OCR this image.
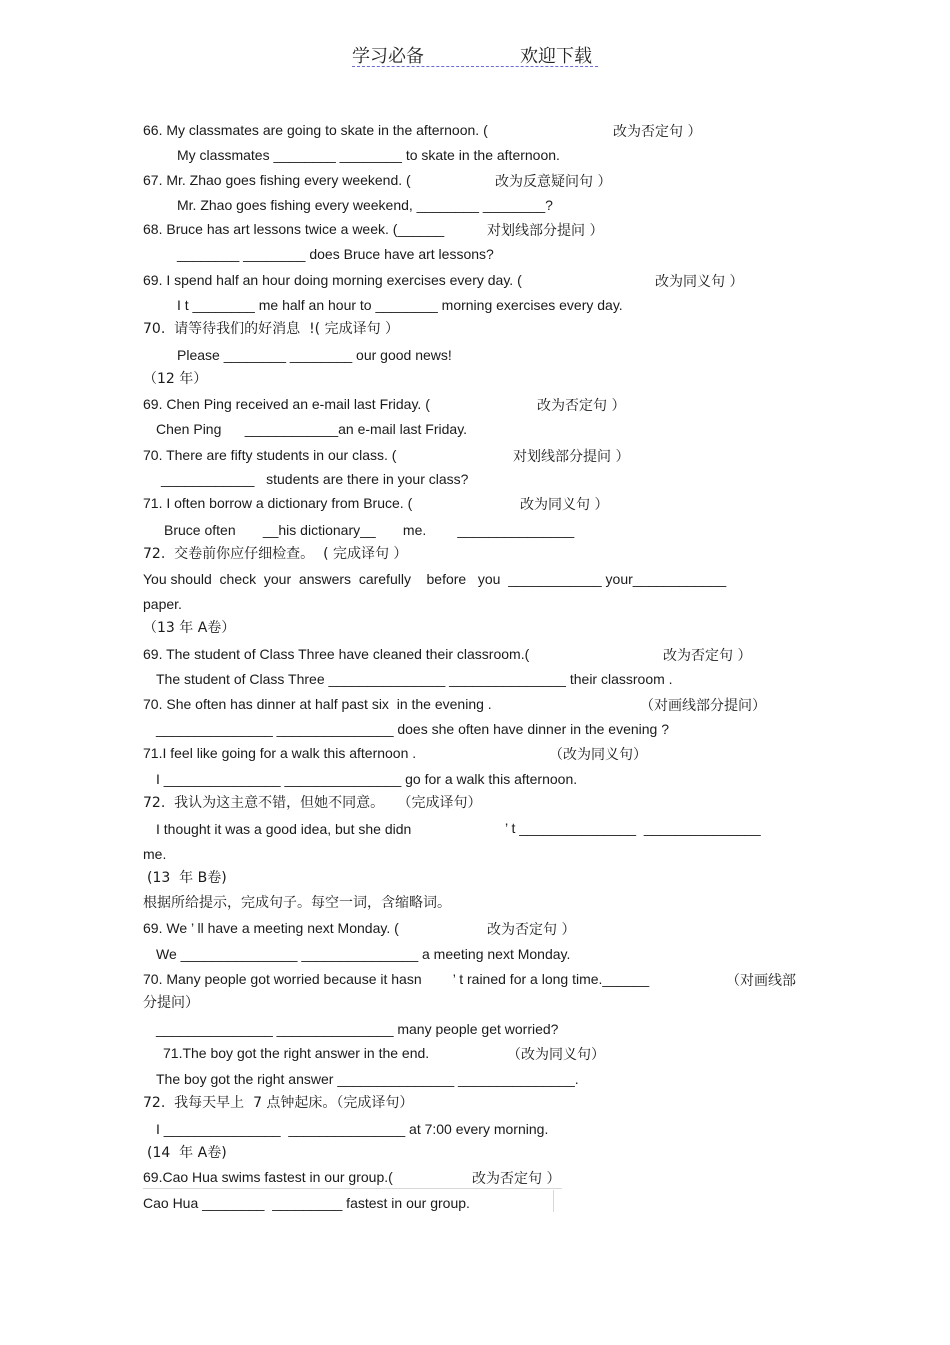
学习必备	欢迎下载
66. My classmates are going to skate in the afternoon. (	改为否定句 ）
My classmates ________ ________ to skate in the afternoon.
67. Mr. Zhao goes fishing every weekend. (	改为反意疑问句 ）
Mr. Zhao goes fishing every weekend, ________ ________?
68. Bruce has art lessons twice a week. (______	对划线部分提问 ）
________ ________ does Bruce have art lessons?
69. I spend half an hour doing morning exercises every day. (	改为同义句 ）
I t ________ me half an hour to ________ morning exercises every day.
70.  请等待我们的好消息  !( 完成译句 ）
Please ________ ________ our good news!
（12 年）
69. Chen Ping received an e-mail last Friday. (	改为否定句 ）
Chen Ping      ____________an e-mail last Friday.
70. There are fifty students in our class. (	对划线部分提问 ）
____________   students are there in your class?
71. I often borrow a dictionary from Bruce. (	改为同义句 ）
Bruce often       __his dictionary__       me.        _______________
72.  交卷前你应仔细检查。  ( 完成译句 ）
You should  check  your  answers  carefully    before   you  ____________ your____________
paper.
（13 年 A卷）
69. The student of Class Three have cleaned their classroom.(	改为否定句 ）
The student of Class Three _______________ _______________ their classroom .
70. She often has dinner at half past six  in the evening .	（对画线部分提问）
_______________ _______________ does she often have dinner in the evening ?
71.I feel like going for a walk this afternoon .	（改为同义句）
I _______________ _______________ go for a walk this afternoon.
72.  我认为这主意不错，但她不同意。   （完成译句）
I thought it was a good idea, but she didn	’ t _______________  _______________
me.
(13  年 B卷)
根据所给提示，完成句子。每空一词，含缩略词。
69. We ’ ll have a meeting next Monday. (	改为否定句 ）
We _______________ _______________ a meeting next Monday.
70. Many people got worried because it hasn        ’ t rained for a long time.______	（对画线部
分提问）
_______________ _______________ many people get worried?
71.The boy got the right answer in the end.	（改为同义句）
The boy got the right answer _______________ _______________.
72.  我每天早上  7 点钟起床。（完成译句）
I _______________  _______________ at 7:00 every morning.
(14  年 A卷)
69.Cao Hua swims fastest in our group.(	改为否定句 ）
Cao Hua ________  _________ fastest in our group.
